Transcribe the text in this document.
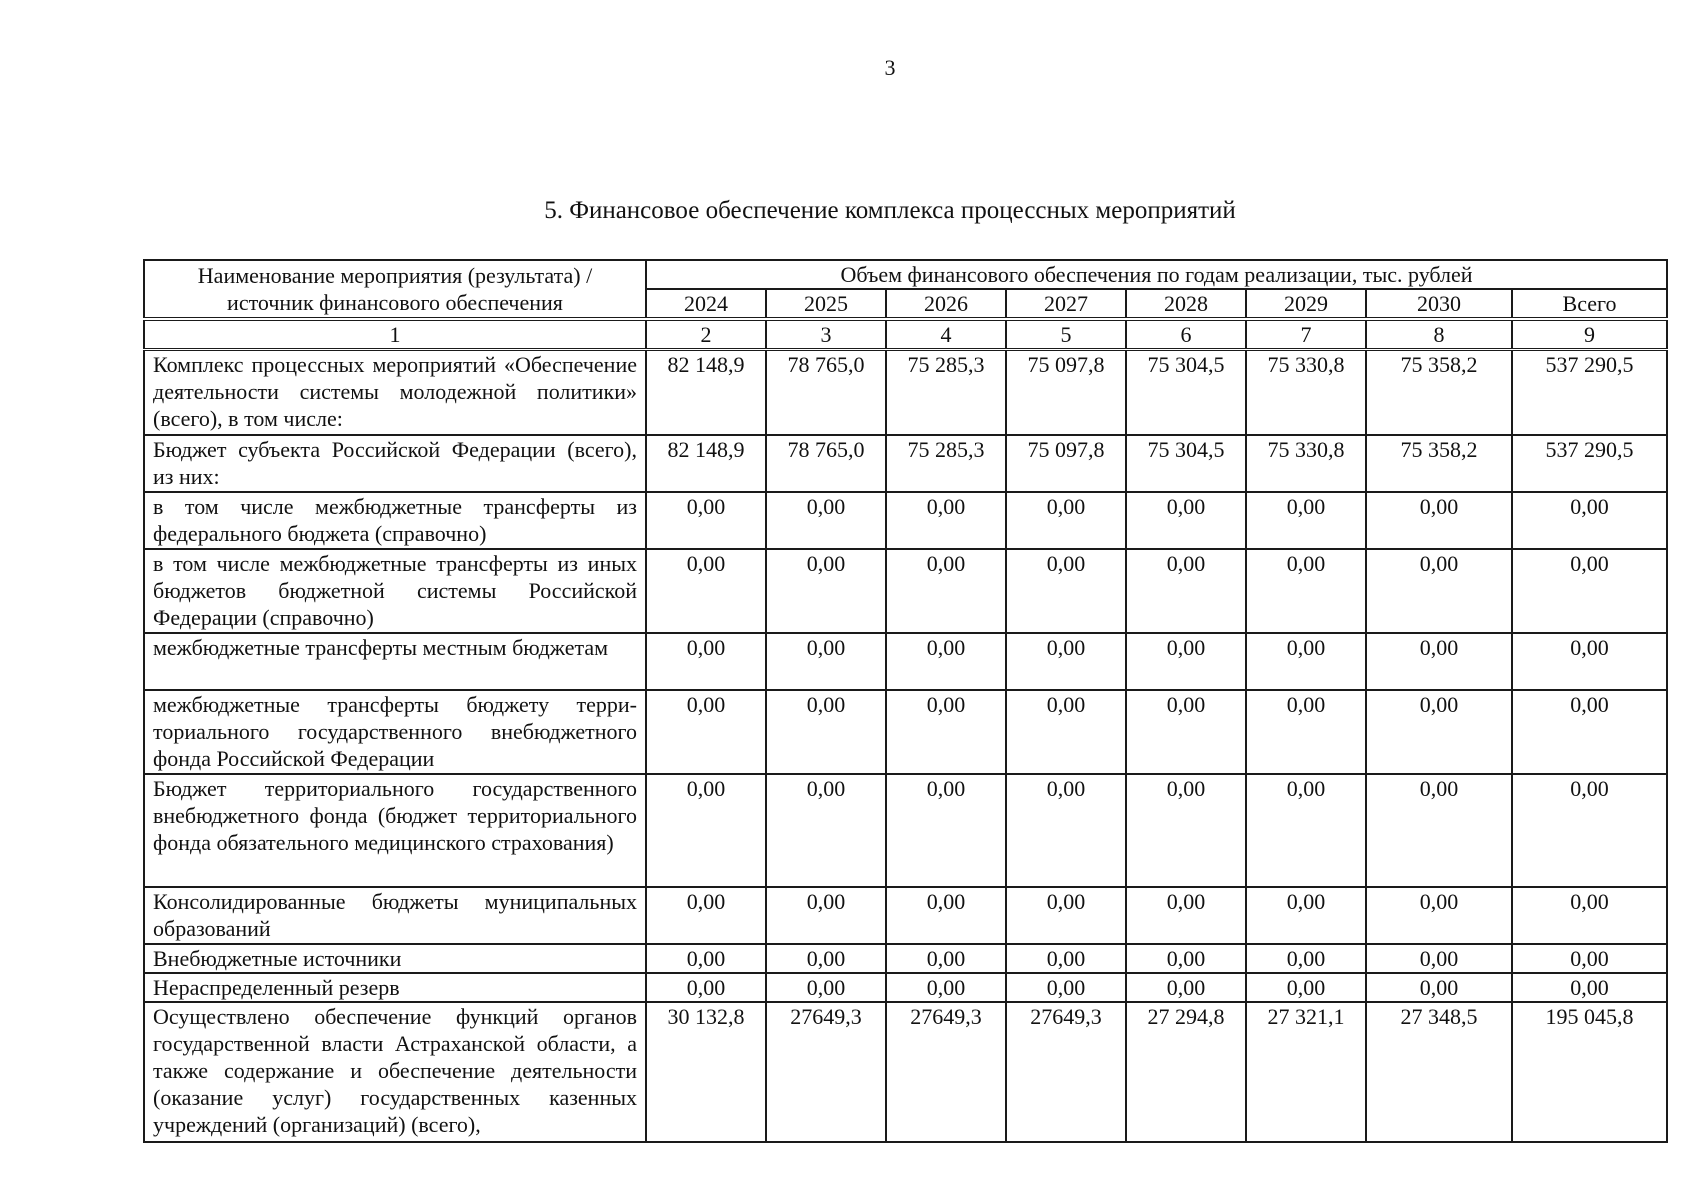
3
5. Финансовое обеспечение комплекса процессных мероприятий
Наименование мероприятия (результата) / источник финансового обеспечения	Объем финансового обеспечения по годам реализации, тыс. рублей							
	2024	2025	2026	2027	2028	2029	2030	Всего
1	2	3	4	5	6	7	8	9
Комплекс процессных мероприятий «Обеспечение деятельности системы молодежной политики» (всего), в том числе:	82 148,9	78 765,0	75 285,3	75 097,8	75 304,5	75 330,8	75 358,2	537 290,5
Бюджет субъекта Российской Федерации (всего), из них:	82 148,9	78 765,0	75 285,3	75 097,8	75 304,5	75 330,8	75 358,2	537 290,5
в том числе межбюджетные трансферты из федерального бюджета (справочно)	0,00	0,00	0,00	0,00	0,00	0,00	0,00	0,00
в том числе межбюджетные трансферты из иных бюджетов бюджетной системы Российской Федерации (справочно)	0,00	0,00	0,00	0,00	0,00	0,00	0,00	0,00
межбюджетные трансферты местным бюджетам	0,00	0,00	0,00	0,00	0,00	0,00	0,00	0,00
межбюджетные трансферты бюджету территориального государственного внебюджетного фонда Российской Федерации	0,00	0,00	0,00	0,00	0,00	0,00	0,00	0,00
Бюджет территориального государственного внебюджетного фонда (бюджет территориального фонда обязательного медицинского страхования)	0,00	0,00	0,00	0,00	0,00	0,00	0,00	0,00
Консолидированные бюджеты муниципальных образований	0,00	0,00	0,00	0,00	0,00	0,00	0,00	0,00
Внебюджетные источники	0,00	0,00	0,00	0,00	0,00	0,00	0,00	0,00
Нераспределенный резерв	0,00	0,00	0,00	0,00	0,00	0,00	0,00	0,00
Осуществлено обеспечение функций органов государственной власти Астраханской области, а также содержание и обеспечение деятельности (оказание услуг) государственных казенных учреждений (организаций) (всего),	30 132,8	27649,3	27649,3	27649,3	27 294,8	27 321,1	27 348,5	195 045,8
